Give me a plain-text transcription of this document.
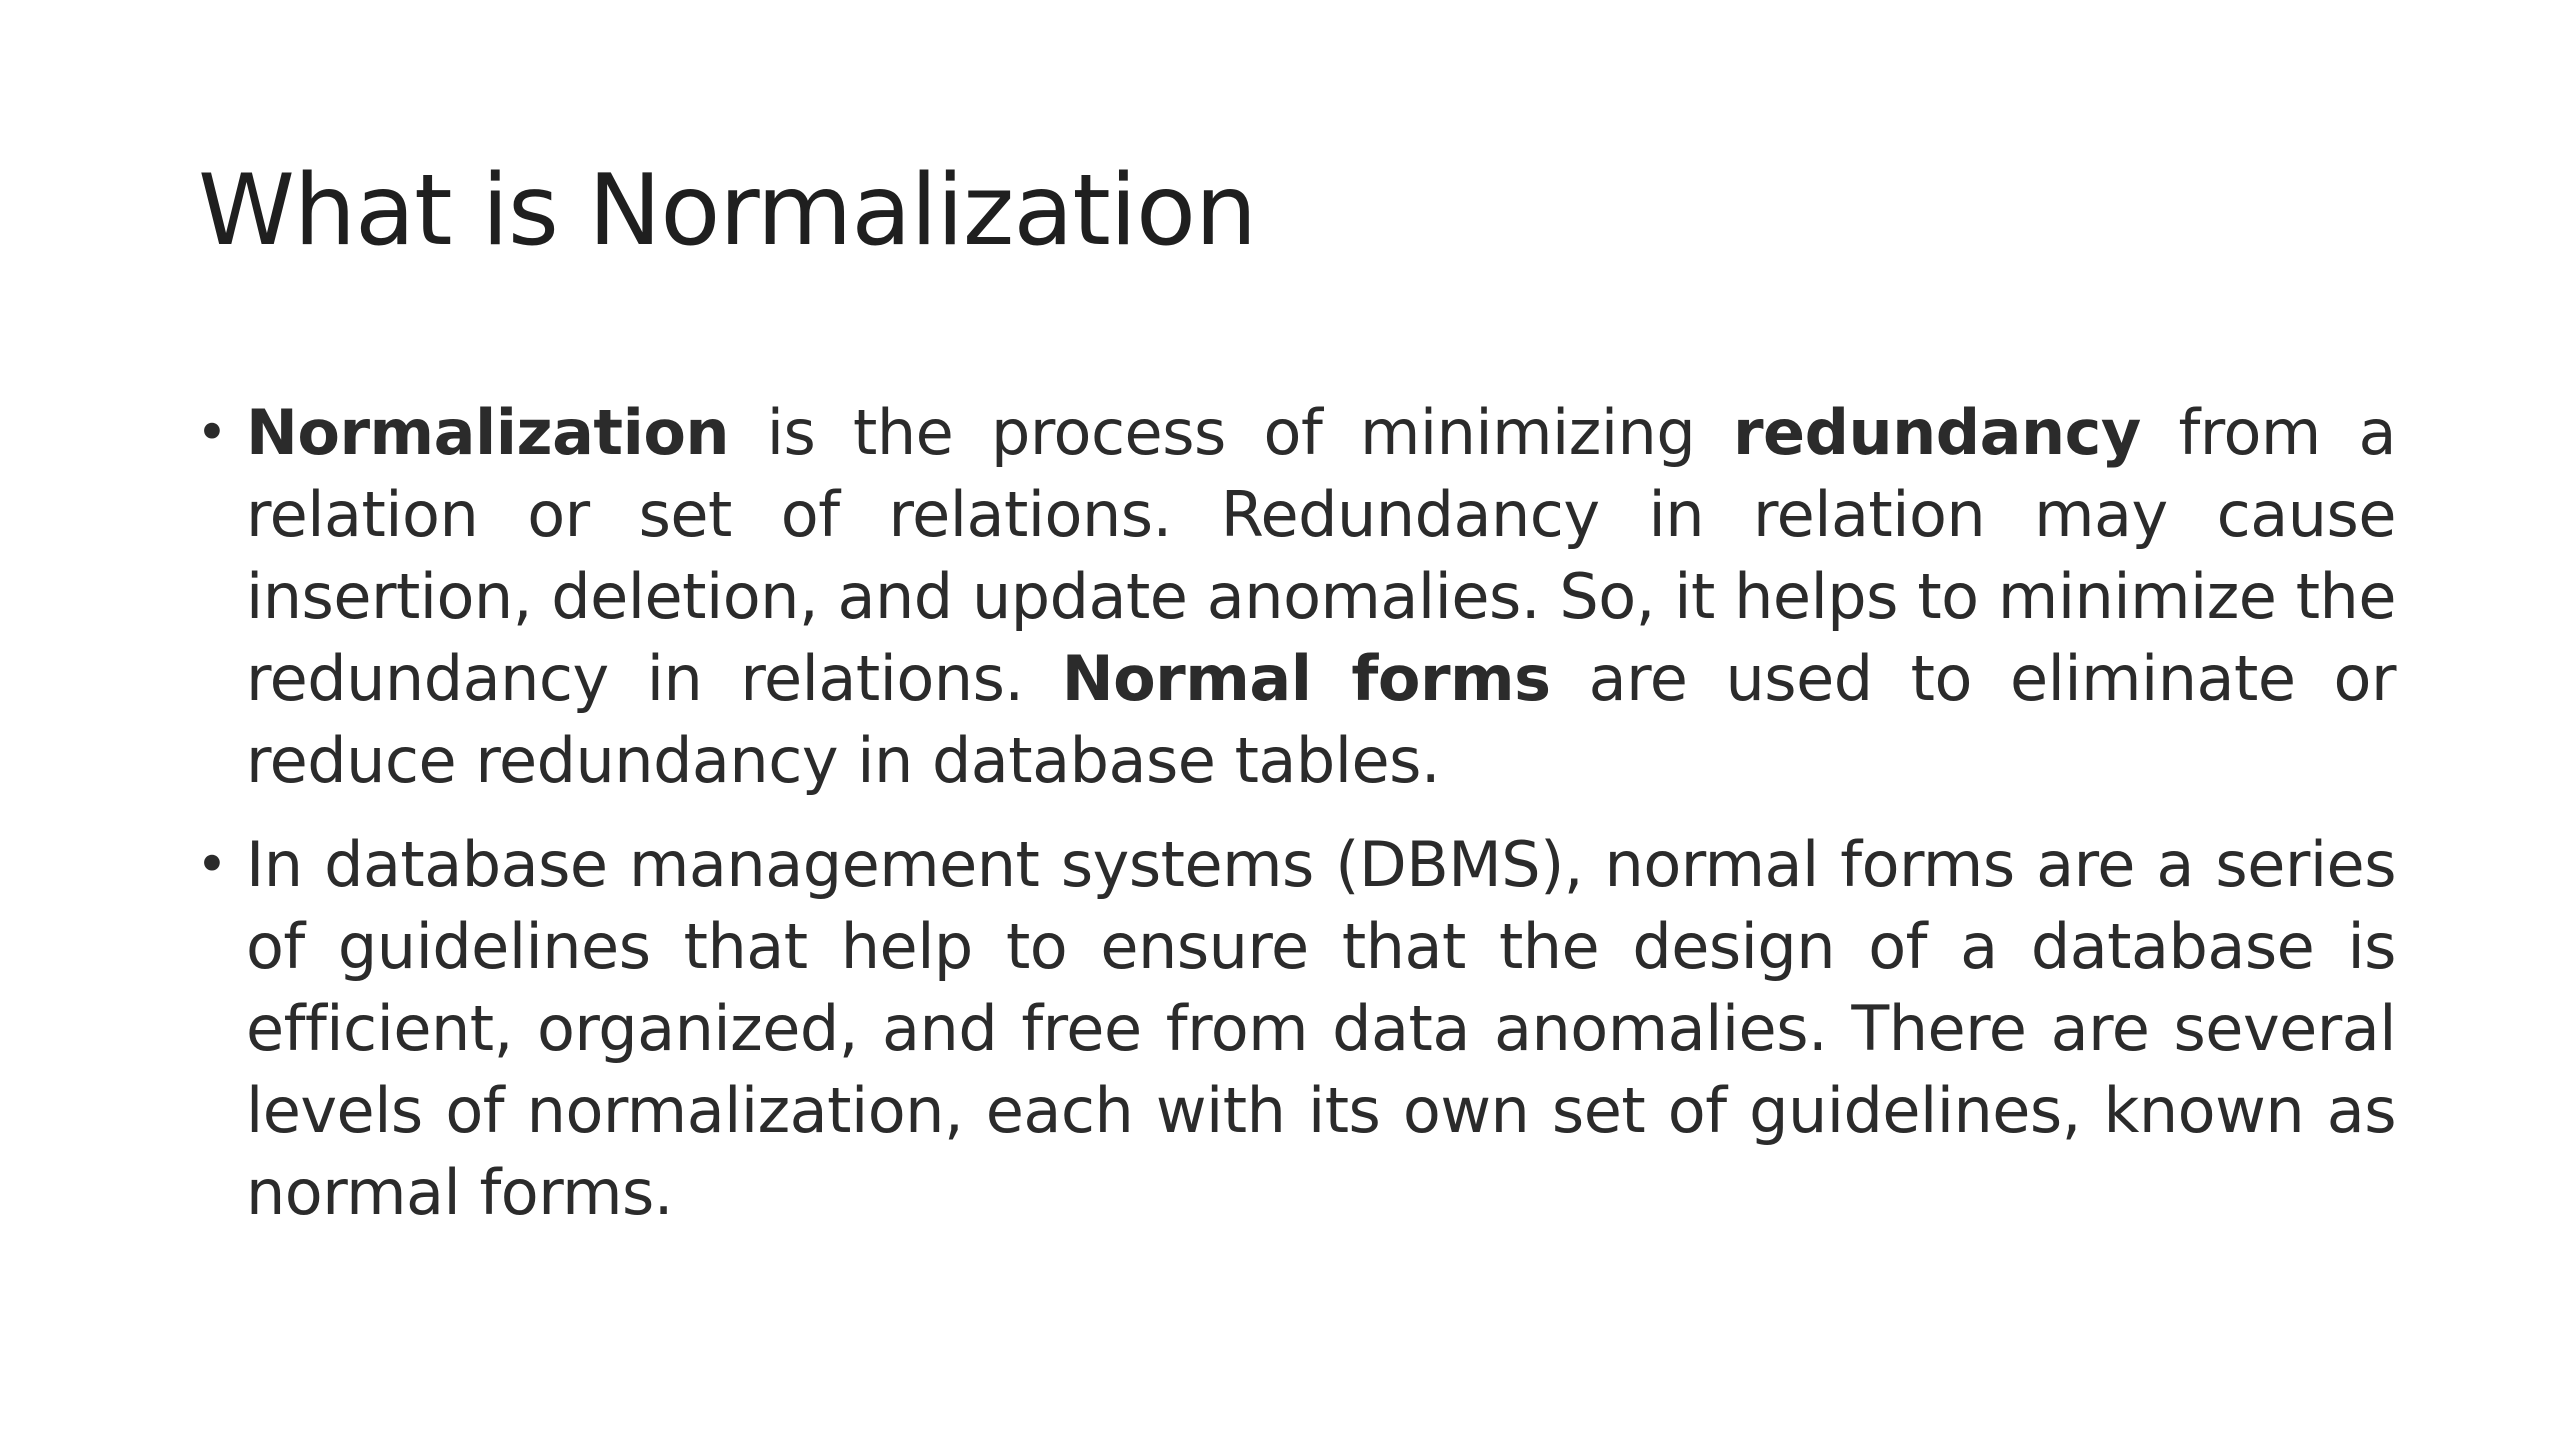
What is Normalization
• Normalization is the process of minimizing redundancy from a relation or set of relations. Redundancy in relation may cause insertion, deletion, and update anomalies. So, it helps to minimize the redundancy in relations. Normal forms are used to eliminate or reduce redundancy in database tables.
• In database management systems (DBMS), normal forms are a series of guidelines that help to ensure that the design of a database is efficient, organized, and free from data anomalies. There are several levels of normalization, each with its own set of guidelines, known as normal forms.
